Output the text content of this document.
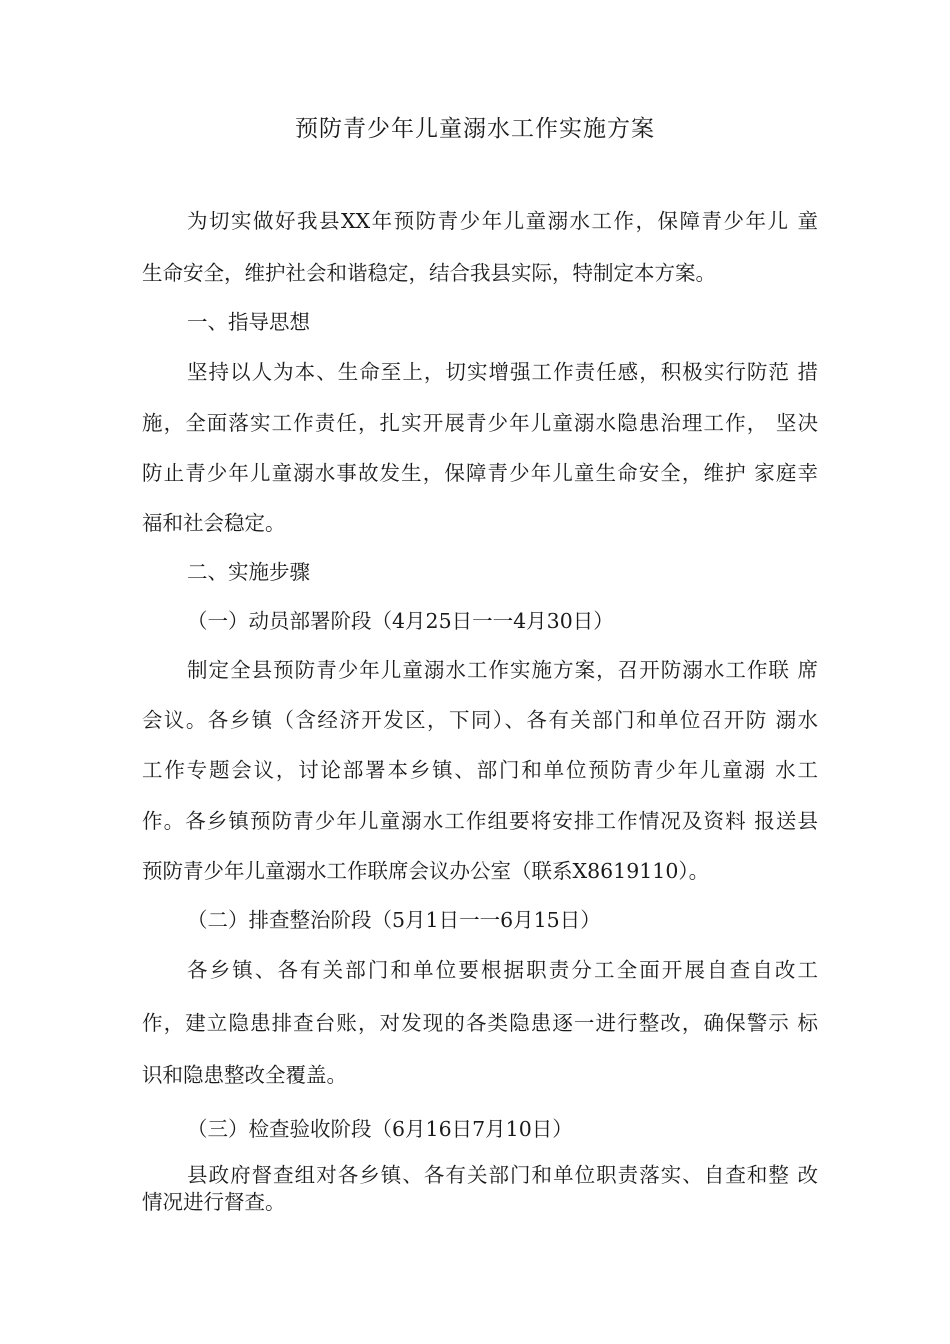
预防青少年儿童溺水工作实施方案
为切实做好我县XX年预防青少年儿童溺水工作，保障青少年儿 童
生命安全，维护社会和谐稳定，结合我县实际，特制定本方案。
一、指导思想
坚持以人为本、生命至上，切实增强工作责任感，积极实行防范 措
施，全面落实工作责任，扎实开展青少年儿童溺水隐患治理工作， 坚决
防止青少年儿童溺水事故发生，保障青少年儿童生命安全，维护 家庭幸
福和社会稳定。
二、实施步骤
（一）动员部署阶段（4月25日一一4月30日）
制定全县预防青少年儿童溺水工作实施方案，召开防溺水工作联 席
会议。各乡镇（含经济开发区，下同）、各有关部门和单位召开防 溺水
工作专题会议，讨论部署本乡镇、部门和单位预防青少年儿童溺 水工
作。各乡镇预防青少年儿童溺水工作组要将安排工作情况及资料 报送县
预防青少年儿童溺水工作联席会议办公室（联系X8619110）。
（二）排查整治阶段（5月1日一一6月15日）
各乡镇、各有关部门和单位要根据职责分工全面开展自查自改工
作，建立隐患排查台账，对发现的各类隐患逐一进行整改，确保警示 标
识和隐患整改全覆盖。
（三）检查验收阶段（6月16日7月10日）
县政府督查组对各乡镇、各有关部门和单位职责落实、自查和整 改
情况进行督查。
